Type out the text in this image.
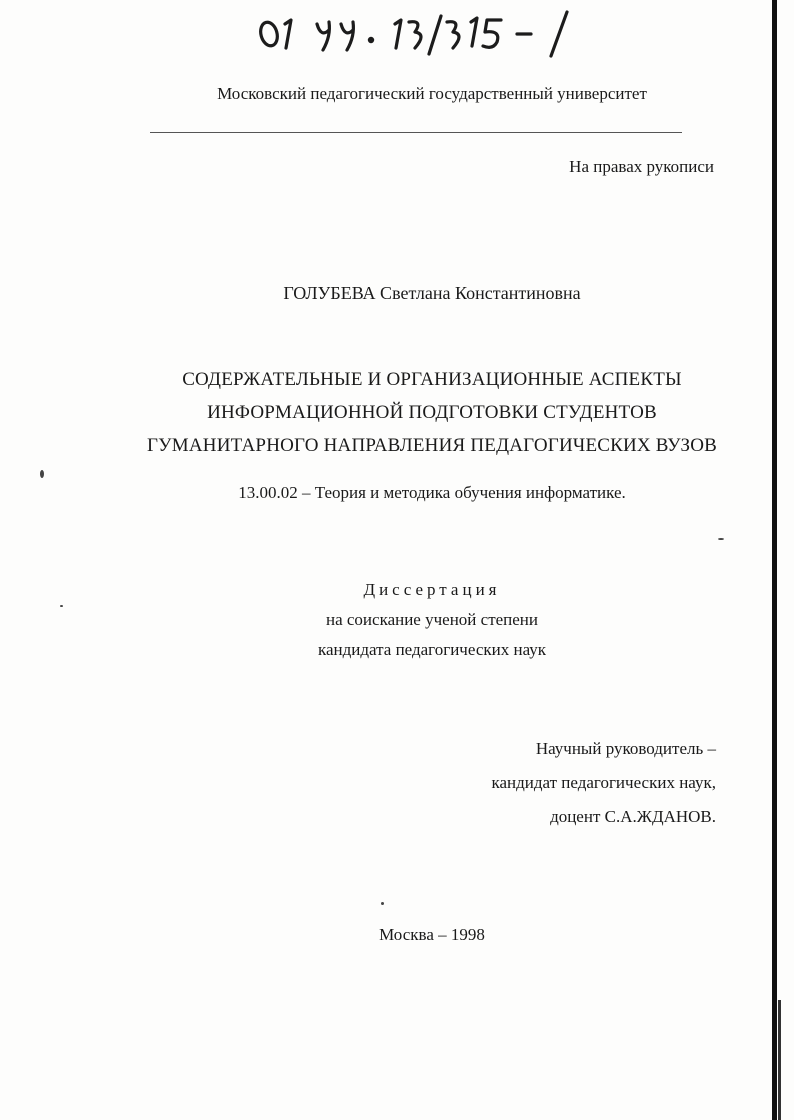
Московский педагогический государственный университет
На правах рукописи
ГОЛУБЕВА Светлана Константиновна
СОДЕРЖАТЕЛЬНЫЕ И ОРГАНИЗАЦИОННЫЕ АСПЕКТЫ
ИНФОРМАЦИОННОЙ ПОДГОТОВКИ СТУДЕНТОВ
ГУМАНИТАРНОГО НАПРАВЛЕНИЯ ПЕДАГОГИЧЕСКИХ ВУЗОВ
13.00.02 – Теория и методика обучения информатике.
Диссертация
на соискание ученой степени
кандидата педагогических наук
Научный руководитель –
кандидат педагогических наук,
доцент С.А.ЖДАНОВ.
Москва – 1998
